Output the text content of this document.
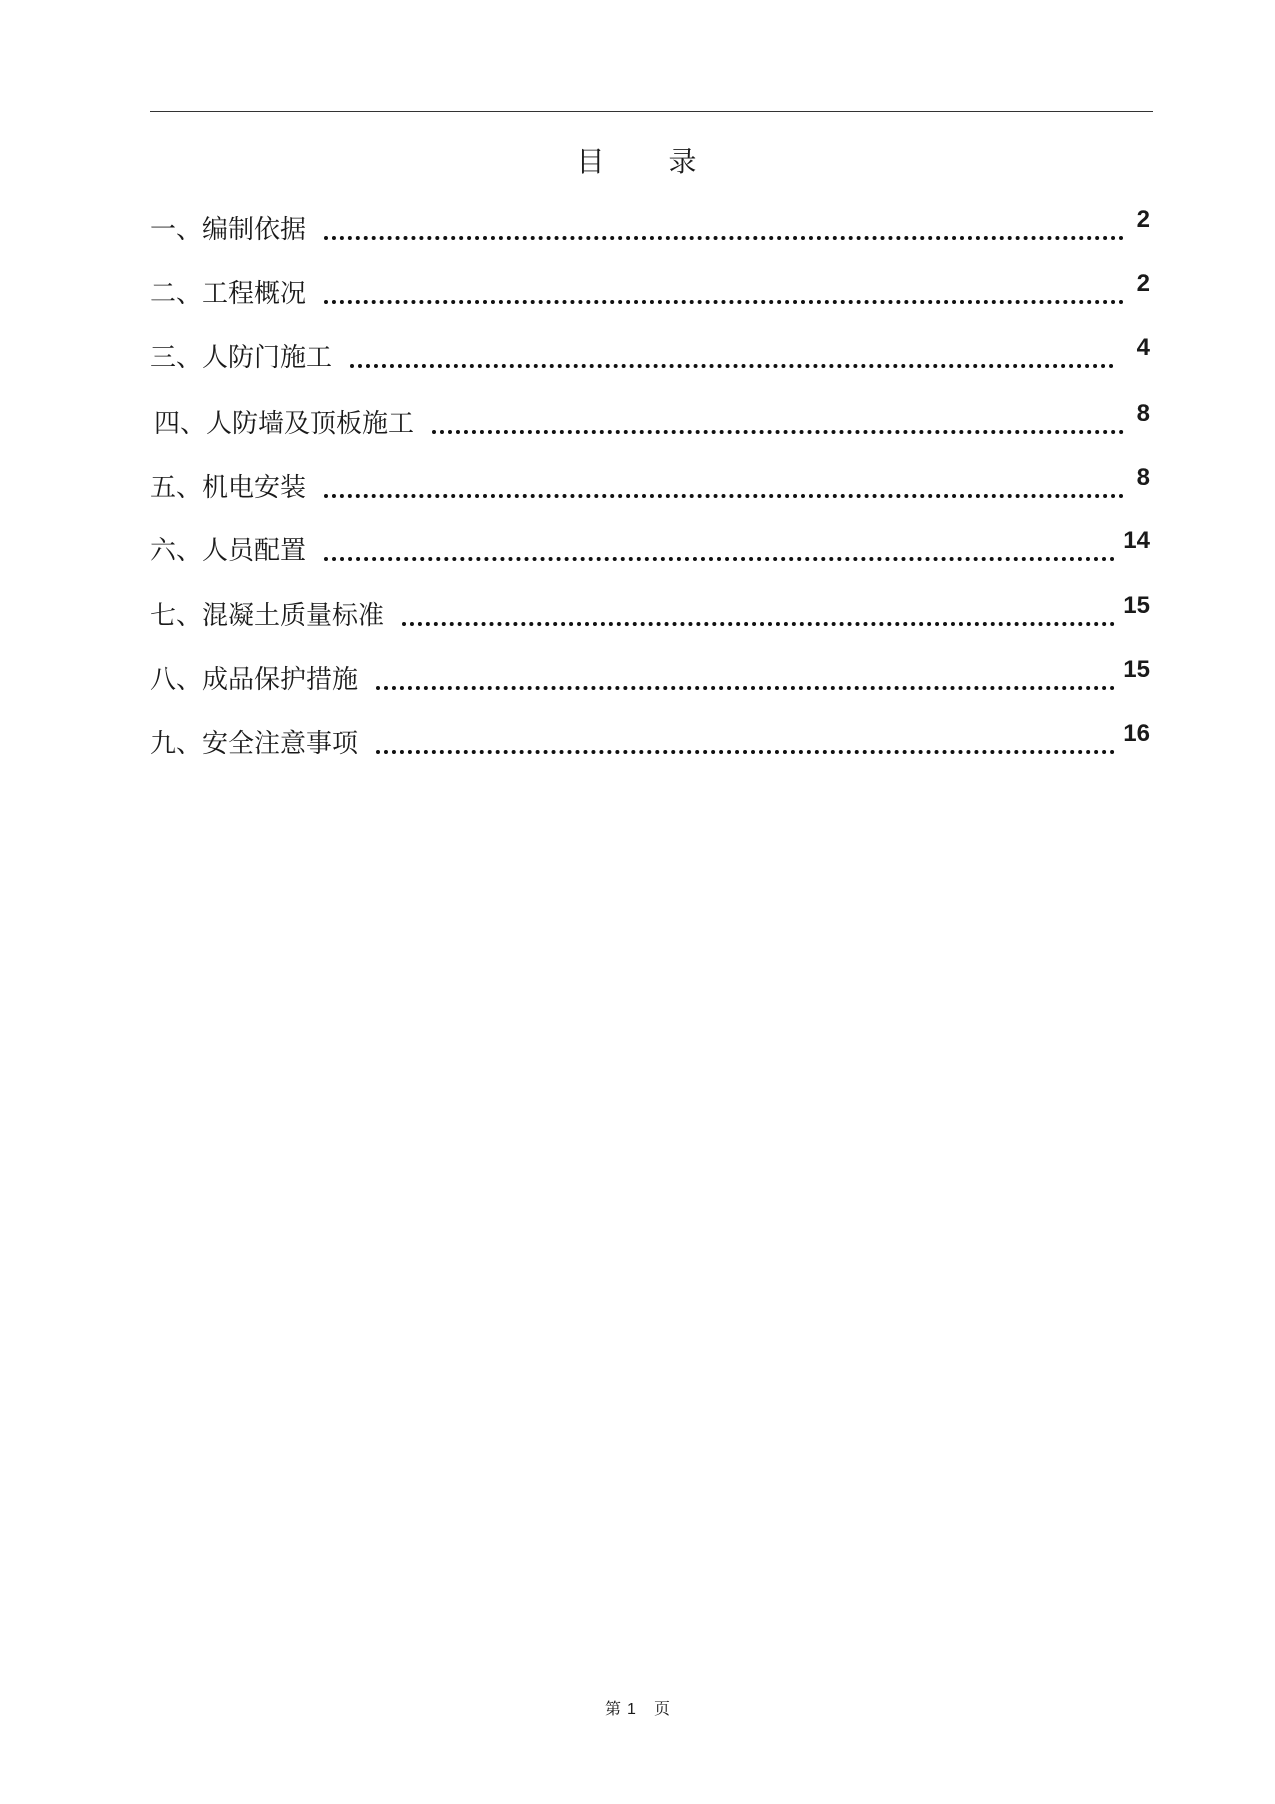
目 录
一、编制依据	2
二、工程概况	2
三、人防门施工	4
四、人防墙及顶板施工	8
五、机电安装	8
六、人员配置	14
七、混凝土质量标准	15
八、成品保护措施	15
九、安全注意事项	16
第 1 页
